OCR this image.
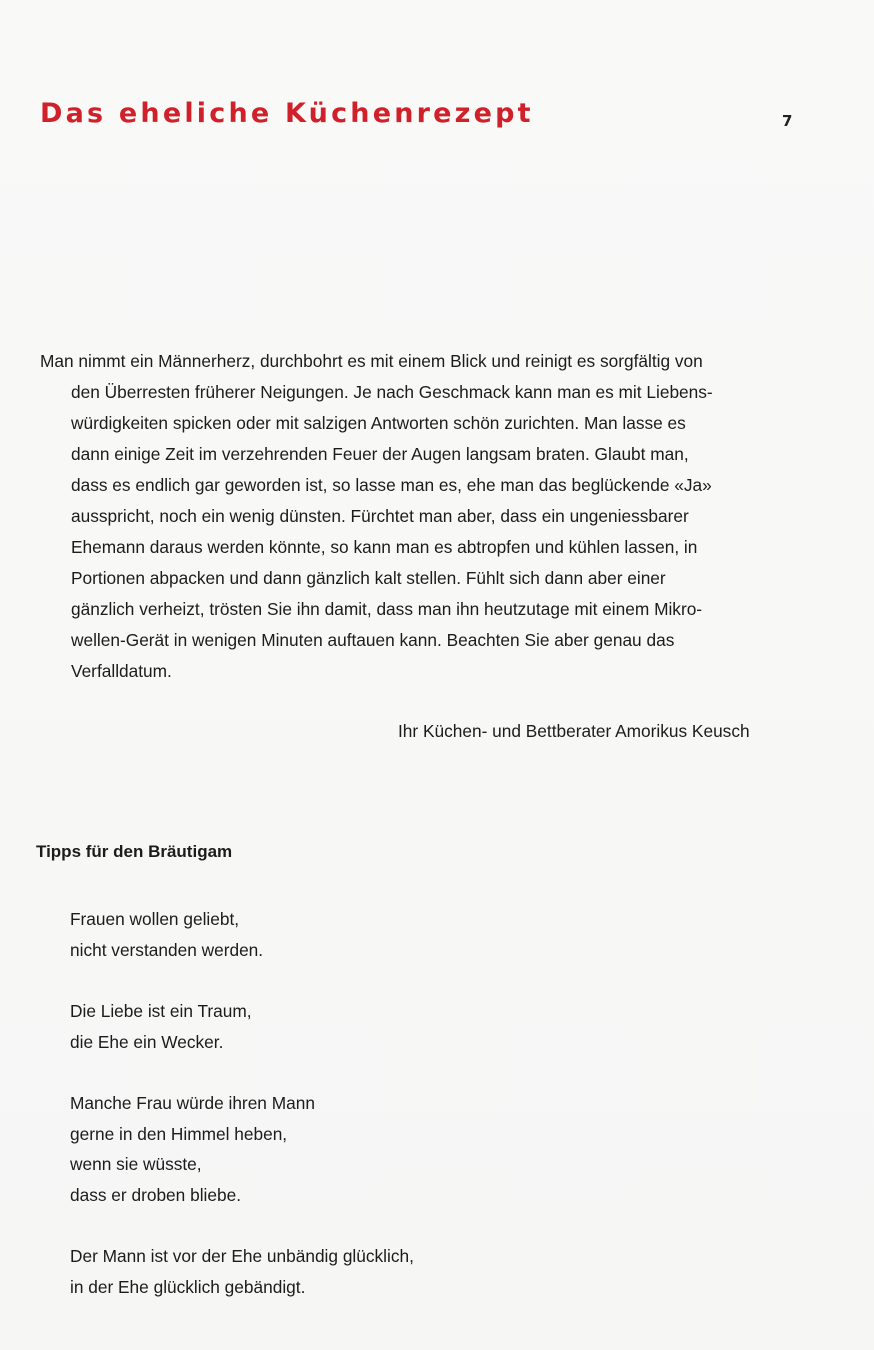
Das eheliche Küchenrezept	7
Man nimmt ein Männerherz, durchbohrt es mit einem Blick und reinigt es sorgfältig von
den Überresten früherer Neigungen. Je nach Geschmack kann man es mit Liebens-
würdigkeiten spicken oder mit salzigen Antworten schön zurichten. Man lasse es
dann einige Zeit im verzehrenden Feuer der Augen langsam braten. Glaubt man,
dass es endlich gar geworden ist, so lasse man es, ehe man das beglückende «Ja»
ausspricht, noch ein wenig dünsten. Fürchtet man aber, dass ein ungeniessbarer
Ehemann daraus werden könnte, so kann man es abtropfen und kühlen lassen, in
Portionen abpacken und dann gänzlich kalt stellen. Fühlt sich dann aber einer
gänzlich verheizt, trösten Sie ihn damit, dass man ihn heutzutage mit einem Mikro-
wellen-Gerät in wenigen Minuten auftauen kann. Beachten Sie aber genau das
Verfalldatum.
Ihr Küchen- und Bettberater Amorikus Keusch
Tipps für den Bräutigam
Frauen wollen geliebt,
nicht verstanden werden.
Die Liebe ist ein Traum,
die Ehe ein Wecker.
Manche Frau würde ihren Mann
gerne in den Himmel heben,
wenn sie wüsste,
dass er droben bliebe.
Der Mann ist vor der Ehe unbändig glücklich,
in der Ehe glücklich gebändigt.
